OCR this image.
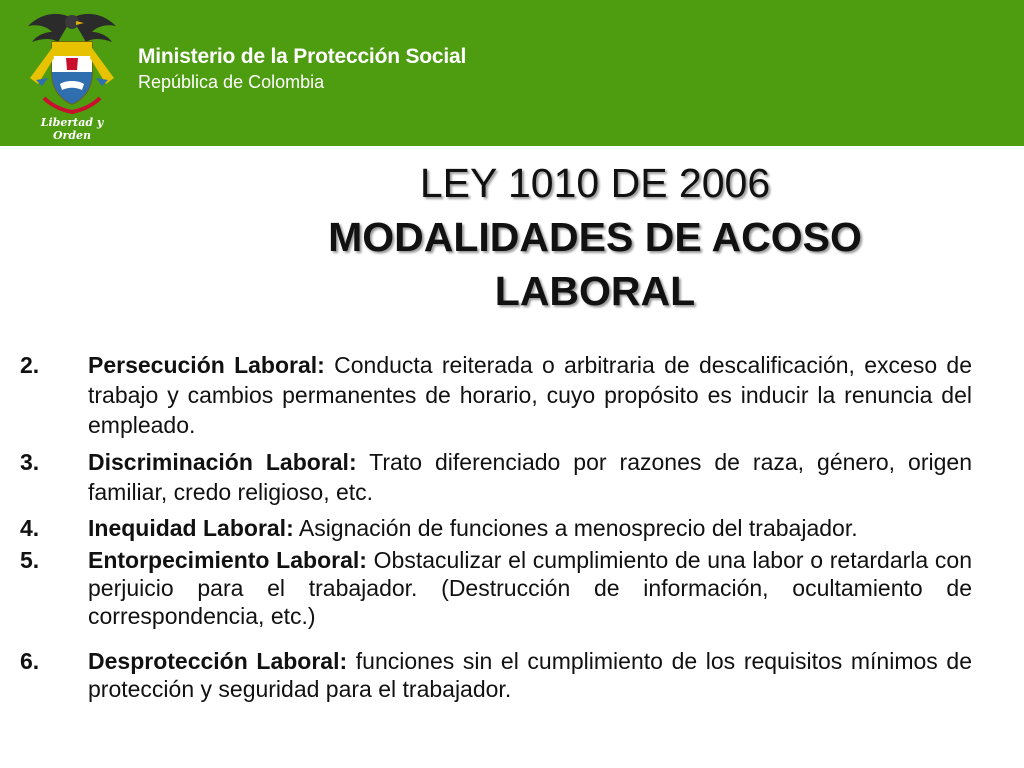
Libertad y Orden
Ministerio de la Protección Social
República de Colombia
LEY 1010 DE 2006
MODALIDADES DE ACOSO
LABORAL
2. Persecución Laboral: Conducta reiterada o arbitraria de descalificación, exceso de trabajo y cambios permanentes de horario, cuyo propósito es inducir la renuncia del empleado.
3. Discriminación Laboral: Trato diferenciado por razones de raza, género, origen familiar, credo religioso, etc.
4. Inequidad Laboral: Asignación de funciones a menosprecio del trabajador.
5. Entorpecimiento Laboral: Obstaculizar el cumplimiento de una labor o retardarla con perjuicio para el trabajador. (Destrucción de información, ocultamiento de correspondencia, etc.)
6. Desprotección Laboral: funciones sin el cumplimiento de los requisitos mínimos de protección y seguridad para el trabajador.
